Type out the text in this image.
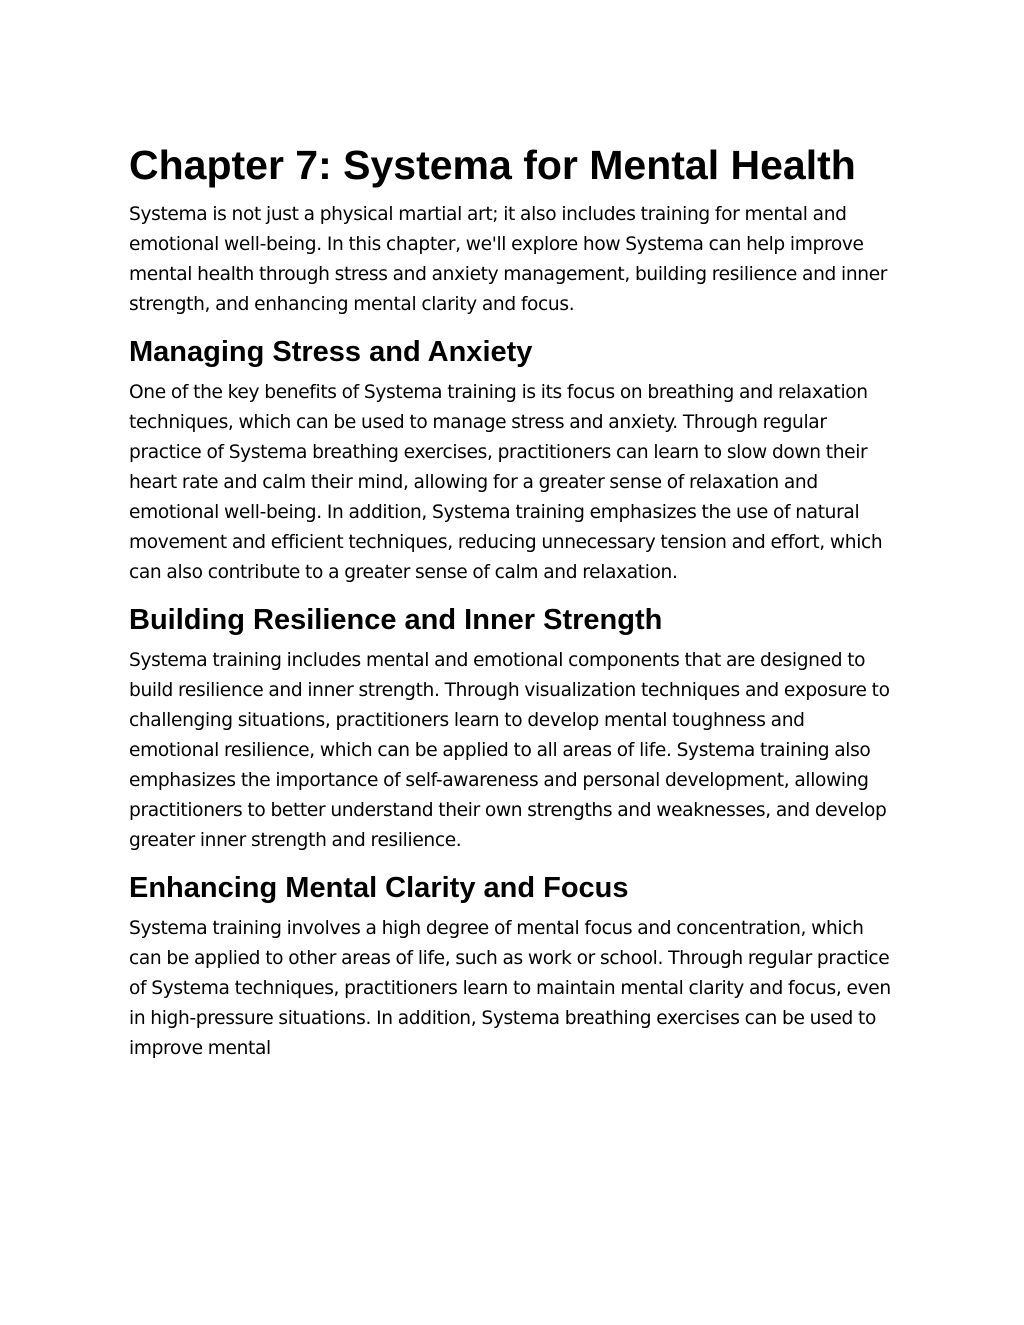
Chapter 7: Systema for Mental Health

Systema is not just a physical martial art; it also includes training for mental and emotional well-being. In this chapter, we'll explore how Systema can help improve mental health through stress and anxiety management, building resilience and inner strength, and enhancing mental clarity and focus.

Managing Stress and Anxiety

One of the key benefits of Systema training is its focus on breathing and relaxation techniques, which can be used to manage stress and anxiety. Through regular practice of Systema breathing exercises, practitioners can learn to slow down their heart rate and calm their mind, allowing for a greater sense of relaxation and emotional well-being. In addition, Systema training emphasizes the use of natural movement and efficient techniques, reducing unnecessary tension and effort, which can also contribute to a greater sense of calm and relaxation.

Building Resilience and Inner Strength

Systema training includes mental and emotional components that are designed to build resilience and inner strength. Through visualization techniques and exposure to challenging situations, practitioners learn to develop mental toughness and emotional resilience, which can be applied to all areas of life. Systema training also emphasizes the importance of self-awareness and personal development, allowing practitioners to better understand their own strengths and weaknesses, and develop greater inner strength and resilience.

Enhancing Mental Clarity and Focus

Systema training involves a high degree of mental focus and concentration, which can be applied to other areas of life, such as work or school. Through regular practice of Systema techniques, practitioners learn to maintain mental clarity and focus, even in high-pressure situations. In addition, Systema breathing exercises can be used to improve mental
